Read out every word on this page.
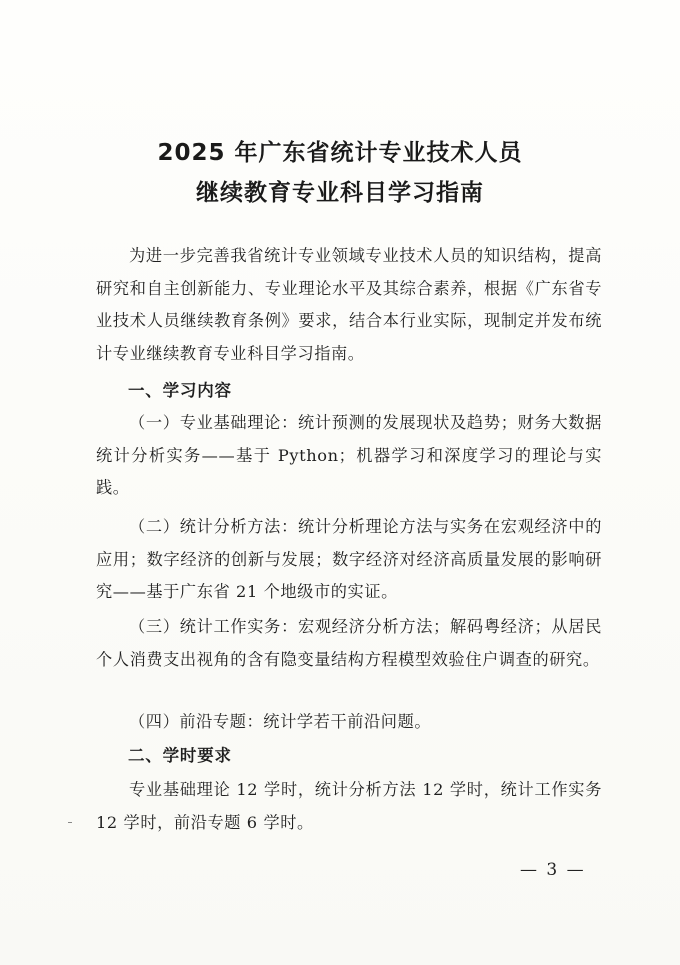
2025 年广东省统计专业技术人员
继续教育专业科目学习指南

为进一步完善我省统计专业领域专业技术人员的知识结构，提高研究和自主创新能力、专业理论水平及其综合素养，根据《广东省专业技术人员继续教育条例》要求，结合本行业实际，现制定并发布统计专业继续教育专业科目学习指南。

一、学习内容

（一）专业基础理论：统计预测的发展现状及趋势；财务大数据统计分析实务——基于 Python；机器学习和深度学习的理论与实践。

（二）统计分析方法：统计分析理论方法与实务在宏观经济中的应用；数字经济的创新与发展；数字经济对经济高质量发展的影响研究——基于广东省 21 个地级市的实证。

（三）统计工作实务：宏观经济分析方法；解码粤经济；从居民个人消费支出视角的含有隐变量结构方程模型效验住户调查的研究。

（四）前沿专题：统计学若干前沿问题。

二、学时要求

专业基础理论 12 学时，统计分析方法 12 学时，统计工作实务 12 学时，前沿专题 6 学时。

— 3 —
